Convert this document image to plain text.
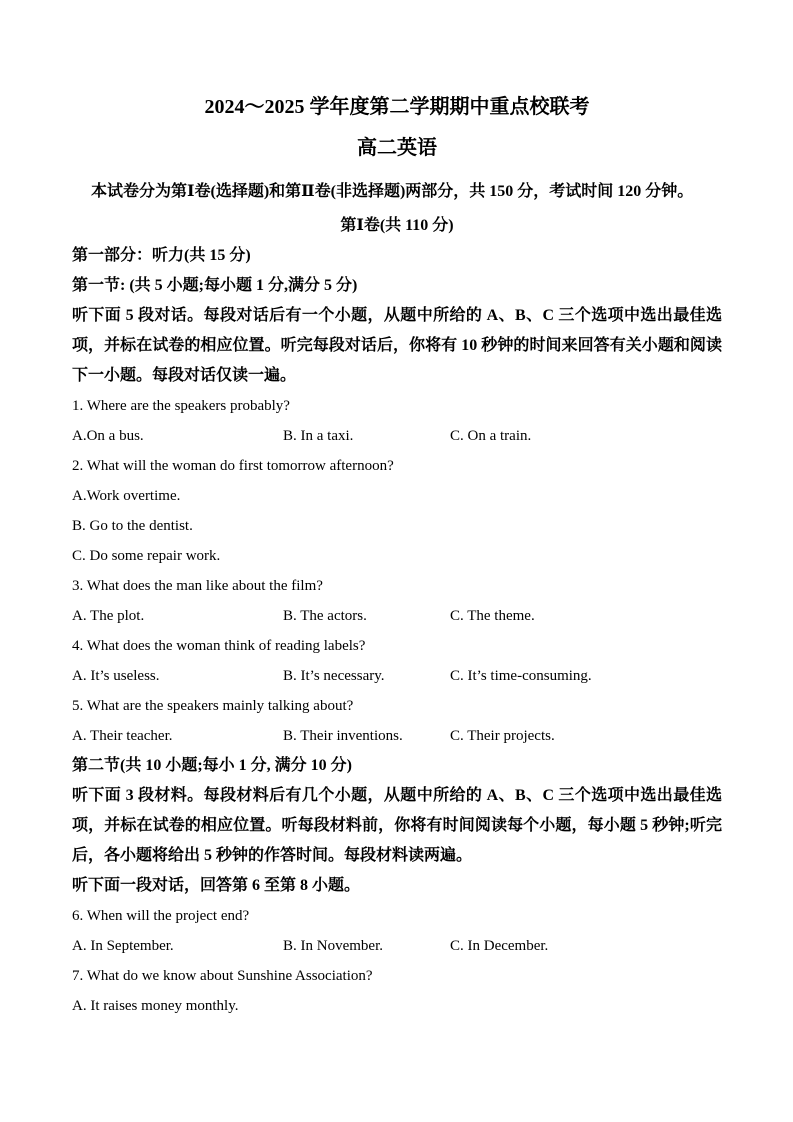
2024～2025 学年度第二学期期中重点校联考

高二英语

本试卷分为第Ⅰ卷(选择题)和第Ⅱ卷(非选择题)两部分，共 150 分，考试时间 120 分钟。

第Ⅰ卷(共 110 分)

第一部分：听力(共 15 分)

第一节: (共 5 小题;每小题 1 分,满分 5 分)

听下面 5 段对话。每段对话后有一个小题，从题中所给的 A、B、C 三个选项中选出最佳选项，并标在试卷的相应位置。听完每段对话后，你将有 10 秒钟的时间来回答有关小题和阅读下一小题。每段对话仅读一遍。

1. Where are the speakers probably?

A.On a bus.	B. In a taxi.	C. On a train.

2. What will the woman do first tomorrow afternoon?

A.Work overtime.

B. Go to the dentist.

C. Do some repair work.

3. What does the man like about the film?

A. The plot.	B. The actors.	C. The theme.

4. What does the woman think of reading labels?

A. It’s useless.	B. It’s necessary.	C. It’s time-consuming.

5. What are the speakers mainly talking about?

A. Their teacher.	B. Their inventions.	C. Their projects.

第二节(共 10 小题;每小 1 分, 满分 10 分)

听下面 3 段材料。每段材料后有几个小题，从题中所给的 A、B、C 三个选项中选出最佳选项，并标在试卷的相应位置。听每段材料前，你将有时间阅读每个小题，每小题 5 秒钟;听完后，各小题将给出 5 秒钟的作答时间。每段材料读两遍。

听下面一段对话，回答第 6 至第 8 小题。

6. When will the project end?

A. In September.	B. In November.	C. In December.

7. What do we know about Sunshine Association?

A. It raises money monthly.
